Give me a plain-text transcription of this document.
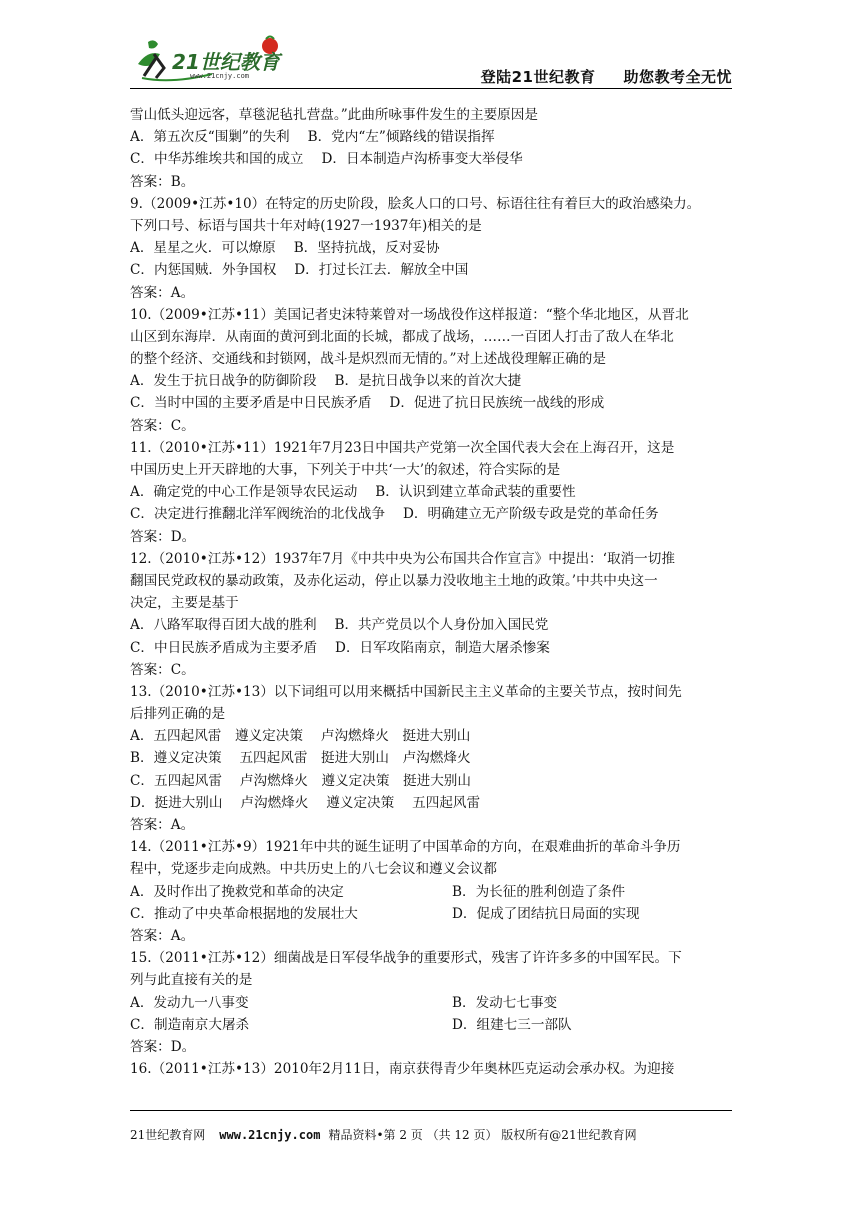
21世纪教育
www.21cnjy.com	登陆21世纪教育 助您教考全无忧
雪山低头迎远客，草毯泥毡扎营盘。”此曲所咏事件发生的主要原因是
A．第五次反“围剿”的失利　 B．党内“左”倾路线的错误指挥
C．中华苏维埃共和国的成立　 D．日本制造卢沟桥事变大举侵华
答案：B。
9.（2009•江苏•10）在特定的历史阶段，脍炙人口的口号、标语往往有着巨大的政治感染力。
下列口号、标语与国共十年对峙(1927一1937年)相关的是
A．星星之火．可以燎原　 B．坚持抗战，反对妥协
C．内惩国贼．外争国权　 D．打过长江去．解放全中国
答案：A。
10.（2009•江苏•11）美国记者史沫特莱曾对一场战役作这样报道：“整个华北地区，从晋北
山区到东海岸．从南面的黄河到北面的长城，都成了战场，……一百团人打击了敌人在华北
的整个经济、交通线和封锁网，战斗是炽烈而无情的。”对上述战役理解正确的是
A．发生于抗日战争的防御阶段　 B．是抗日战争以来的首次大捷
C．当时中国的主要矛盾是中日民族矛盾　 D．促进了抗日民族统一战线的形成
答案：C。
11.（2010•江苏•11）1921年7月23日中国共产党第一次全国代表大会在上海召开，这是
中国历史上开天辟地的大事，下列关于中共‘一大’的叙述，符合实际的是
A．确定党的中心工作是领导农民运动　 B．认识到建立革命武装的重要性
C．决定进行推翻北洋军阀统治的北伐战争　 D．明确建立无产阶级专政是党的革命任务
答案：D。
12.（2010•江苏•12）1937年7月《中共中央为公布国共合作宣言》中提出：‘取消一切推
翻国民党政权的暴动政策，及赤化运动，停止以暴力没收地主土地的政策。’中共中央这一
决定，主要是基于
A．八路军取得百团大战的胜利　 B．共产党员以个人身份加入国民党
C．中日民族矛盾成为主要矛盾　 D．日军攻陷南京，制造大屠杀惨案
答案：C。
13.（2010•江苏•13）以下词组可以用来概括中国新民主主义革命的主要关节点，按时间先
后排列正确的是
A．五四起风雷　遵义定决策　 卢沟燃烽火　挺进大别山
B．遵义定决策　 五四起风雷　挺进大别山　卢沟燃烽火
C．五四起风雷　 卢沟燃烽火　遵义定决策　挺进大别山
D．挺进大别山　 卢沟燃烽火　 遵义定决策　 五四起风雷
答案：A。
14.（2011•江苏•9）1921年中共的诞生证明了中国革命的方向，在艰难曲折的革命斗争历
程中，党逐步走向成熟。中共历史上的八七会议和遵义会议都
A．及时作出了挽救党和革命的决定	B．为长征的胜利创造了条件
C．推动了中央革命根据地的发展壮大	D．促成了团结抗日局面的实现
答案：A。
15.（2011•江苏•12）细菌战是日军侵华战争的重要形式，残害了许许多多的中国军民。下
列与此直接有关的是
A．发动九一八事变	B．发动七七事变
C．制造南京大屠杀	D．组建七三一部队
答案：D。
16.（2011•江苏•13）2010年2月11日，南京获得青少年奥林匹克运动会承办权。为迎接
21世纪教育网 www.21cnjy.com 精品资料•第 2 页 （共 12 页） 版权所有@21世纪教育网
